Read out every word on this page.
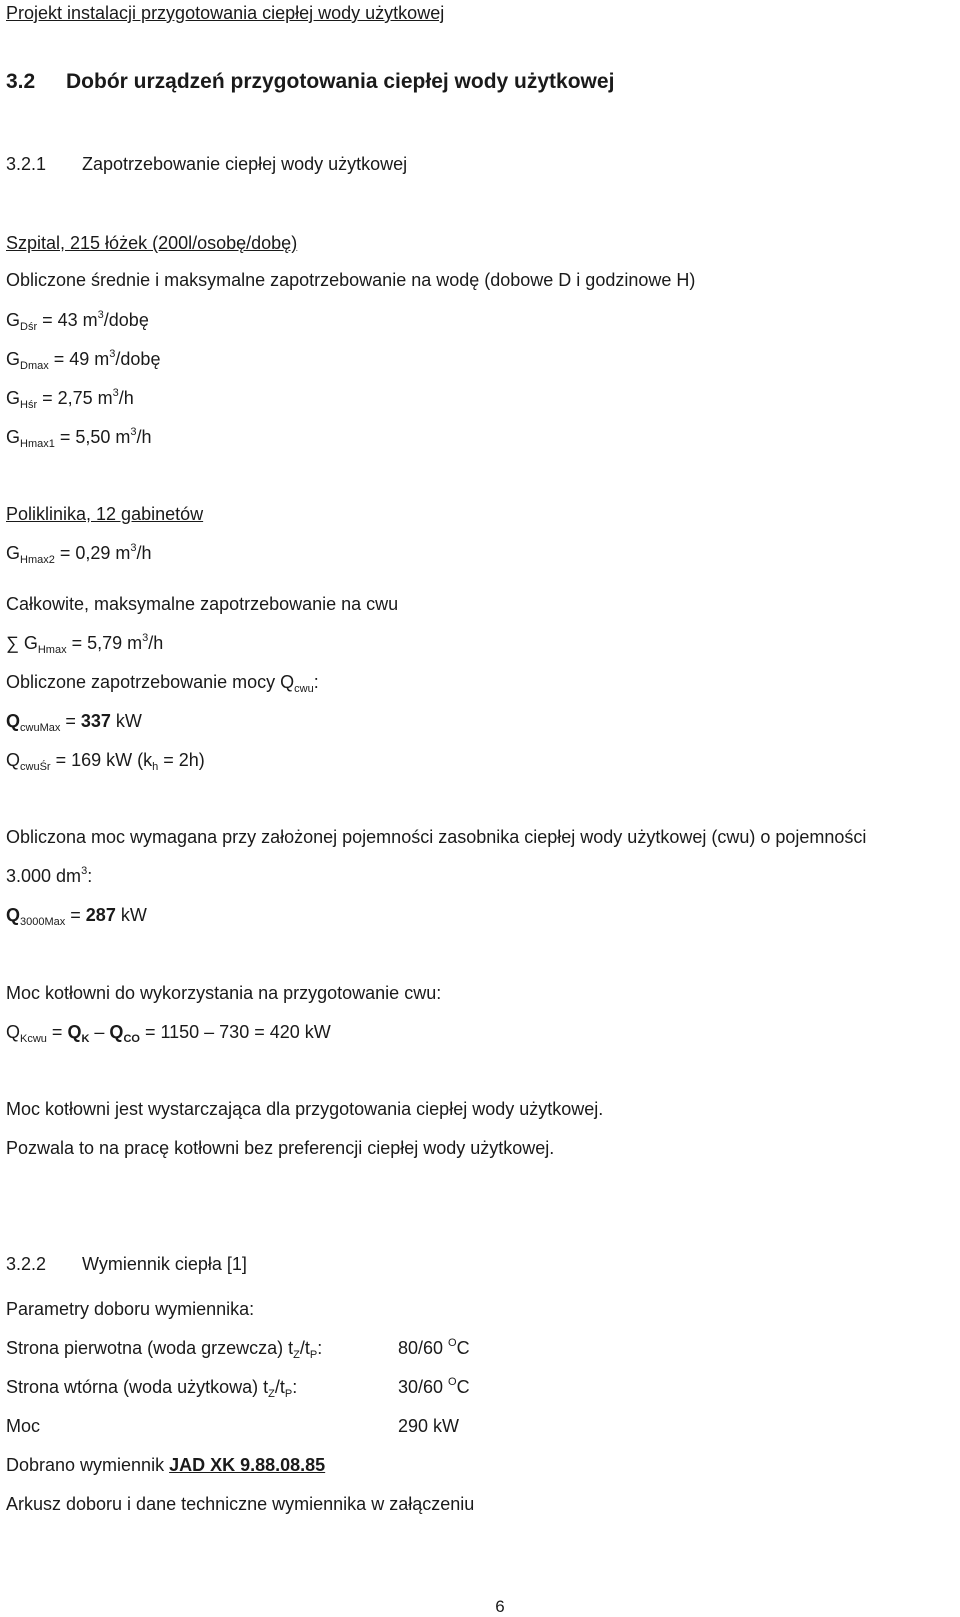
Projekt instalacji przygotowania ciepłej wody użytkowej
3.2 Dobór urządzeń przygotowania ciepłej wody użytkowej
3.2.1 Zapotrzebowanie ciepłej wody użytkowej
Szpital, 215 łóżek (200l/osobę/dobę)
Obliczone średnie i maksymalne zapotrzebowanie na wodę (dobowe D i godzinowe H)
$G_{Dśr} = 43$ $m^3$/dobę
$G_{Dmax} = 49$ $m^3$/dobę
$G_{Hśr} = 2,75$ $m^3/h$
$G_{Hmax1} = 5,50$ $m^3/h$
Poliklinika, 12 gabinetów
$G_{Hmax2} = 0,29$ $m^3/h$
Całkowite, maksymalne zapotrzebowanie na cwu
∑ $G_{Hmax} = 5,79$ $m^3/h$
Obliczone zapotrzebowanie mocy $Q_{cwu}$:
$Q_{cwuMax} = 337$ kW
$Q_{cwuŚr} = 169$ kW $(k_h = 2h)$
Obliczona moc wymagana przy założonej pojemności zasobnika ciepłej wody użytkowej (cwu) o pojemności
3.000 $dm^3$:
$Q_{3000Max} = 287$ kW
Moc kotłowni do wykorzystania na przygotowanie cwu:
$Q_{Kcwu} = Q_K - Q_{CO} = 1150 - 730 = 420$ kW
Moc kotłowni jest wystarczająca dla przygotowania ciepłej wody użytkowej.
Pozwala to na pracę kotłowni bez preferencji ciepłej wody użytkowej.
3.2.2 Wymiennik ciepła [1]
Parametry doboru wymiennika:
Strona pierwotna (woda grzewcza) $t_Z/t_P$:	80/60 $^O$C
Strona wtórna (woda użytkowa) $t_Z/t_P$:	30/60 $^O$C
Moc	290 kW
Dobrano wymiennik JAD XK 9.88.08.85
Arkusz doboru i dane techniczne wymiennika w załączeniu
6
